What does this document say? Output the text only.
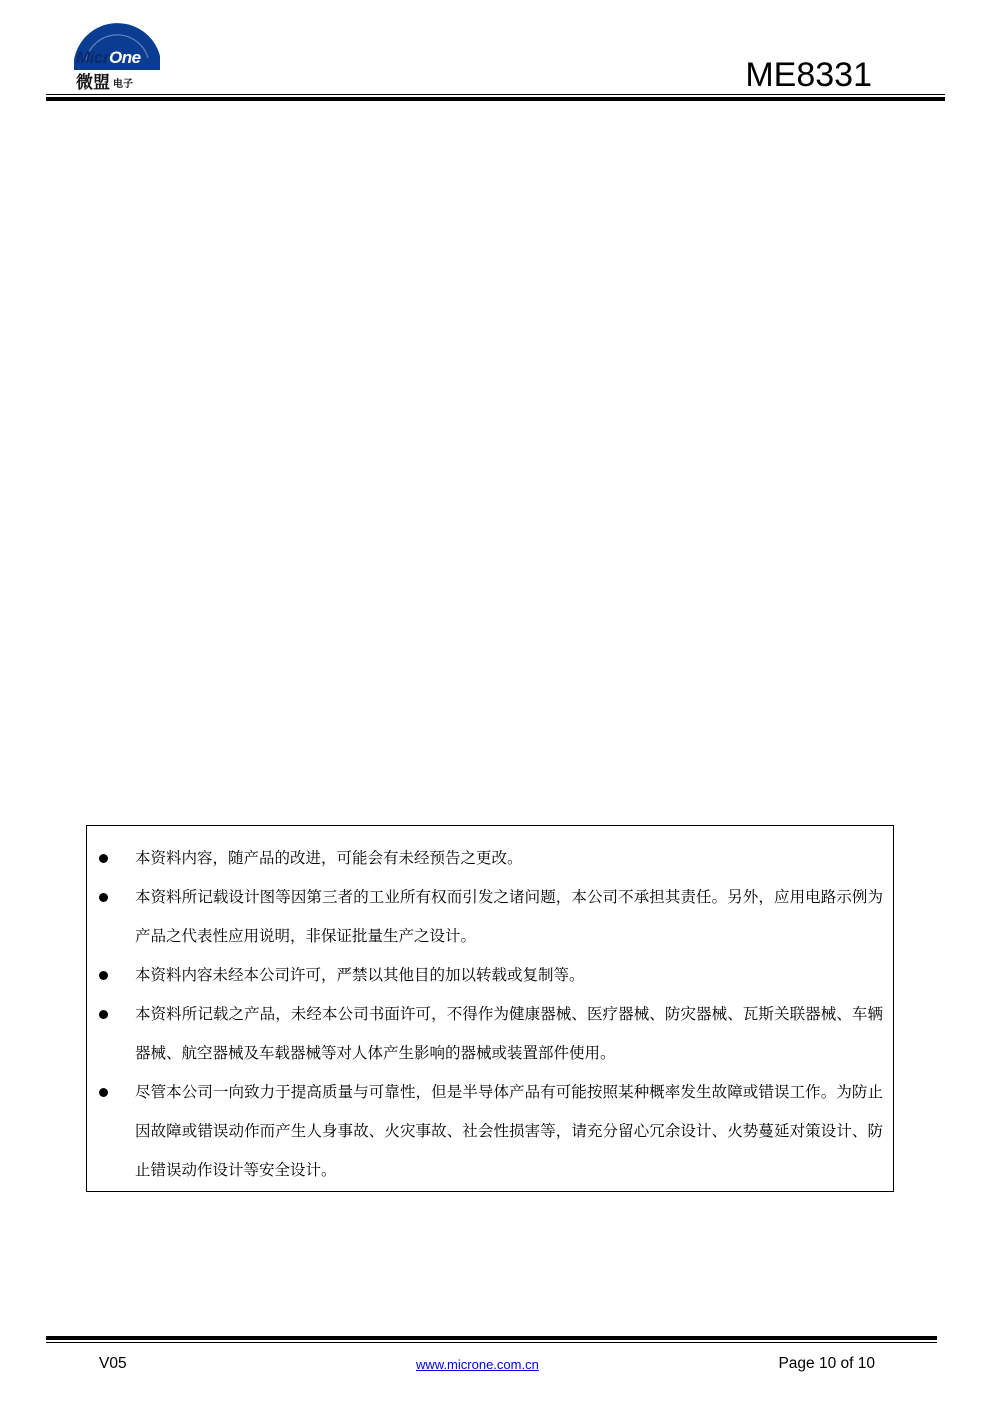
MicrOne
微盟 电子	ME8331
本资料内容，随产品的改进，可能会有未经预告之更改。
本资料所记载设计图等因第三者的工业所有权而引发之诸问题，本公司不承担其责任。另外，应用电路示例为产品之代表性应用说明，非保证批量生产之设计。
本资料内容未经本公司许可，严禁以其他目的加以转载或复制等。
本资料所记载之产品，未经本公司书面许可，不得作为健康器械、医疗器械、防灾器械、瓦斯关联器械、车辆器械、航空器械及车载器械等对人体产生影响的器械或装置部件使用。
尽管本公司一向致力于提高质量与可靠性，但是半导体产品有可能按照某种概率发生故障或错误工作。为防止因故障或错误动作而产生人身事故、火灾事故、社会性损害等，请充分留心冗余设计、火势蔓延对策设计、防止错误动作设计等安全设计。
V05	www.microne.com.cn	Page 10 of 10
